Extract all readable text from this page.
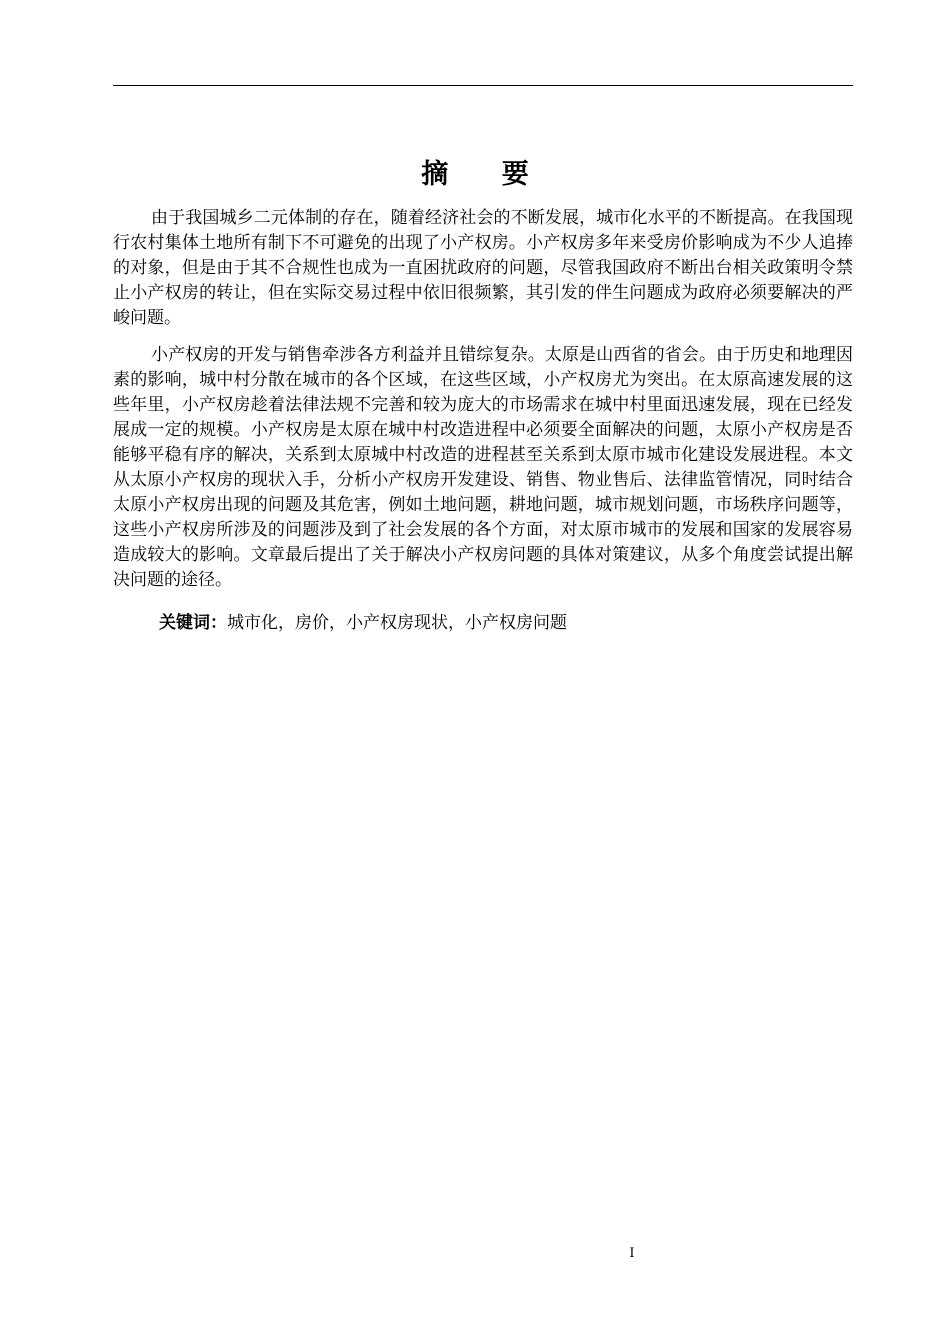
摘 要

由于我国城乡二元体制的存在，随着经济社会的不断发展，城市化水平的不断提高。在我国现行农村集体土地所有制下不可避免的出现了小产权房。小产权房多年来受房价影响成为不少人追捧的对象，但是由于其不合规性也成为一直困扰政府的问题，尽管我国政府不断出台相关政策明令禁止小产权房的转让，但在实际交易过程中依旧很频繁，其引发的伴生问题成为政府必须要解决的严峻问题。

小产权房的开发与销售牵涉各方利益并且错综复杂。太原是山西省的省会。由于历史和地理因素的影响，城中村分散在城市的各个区域，在这些区域，小产权房尤为突出。在太原高速发展的这些年里，小产权房趁着法律法规不完善和较为庞大的市场需求在城中村里面迅速发展，现在已经发展成一定的规模。小产权房是太原在城中村改造进程中必须要全面解决的问题，太原小产权房是否能够平稳有序的解决，关系到太原城中村改造的进程甚至关系到太原市城市化建设发展进程。本文从太原小产权房的现状入手，分析小产权房开发建设、销售、物业售后、法律监管情况，同时结合太原小产权房出现的问题及其危害，例如土地问题，耕地问题，城市规划问题，市场秩序问题等，这些小产权房所涉及的问题涉及到了社会发展的各个方面，对太原市城市的发展和国家的发展容易造成较大的影响。文章最后提出了关于解决小产权房问题的具体对策建议，从多个角度尝试提出解决问题的途径。

关键词：城市化，房价，小产权房现状，小产权房问题

I
